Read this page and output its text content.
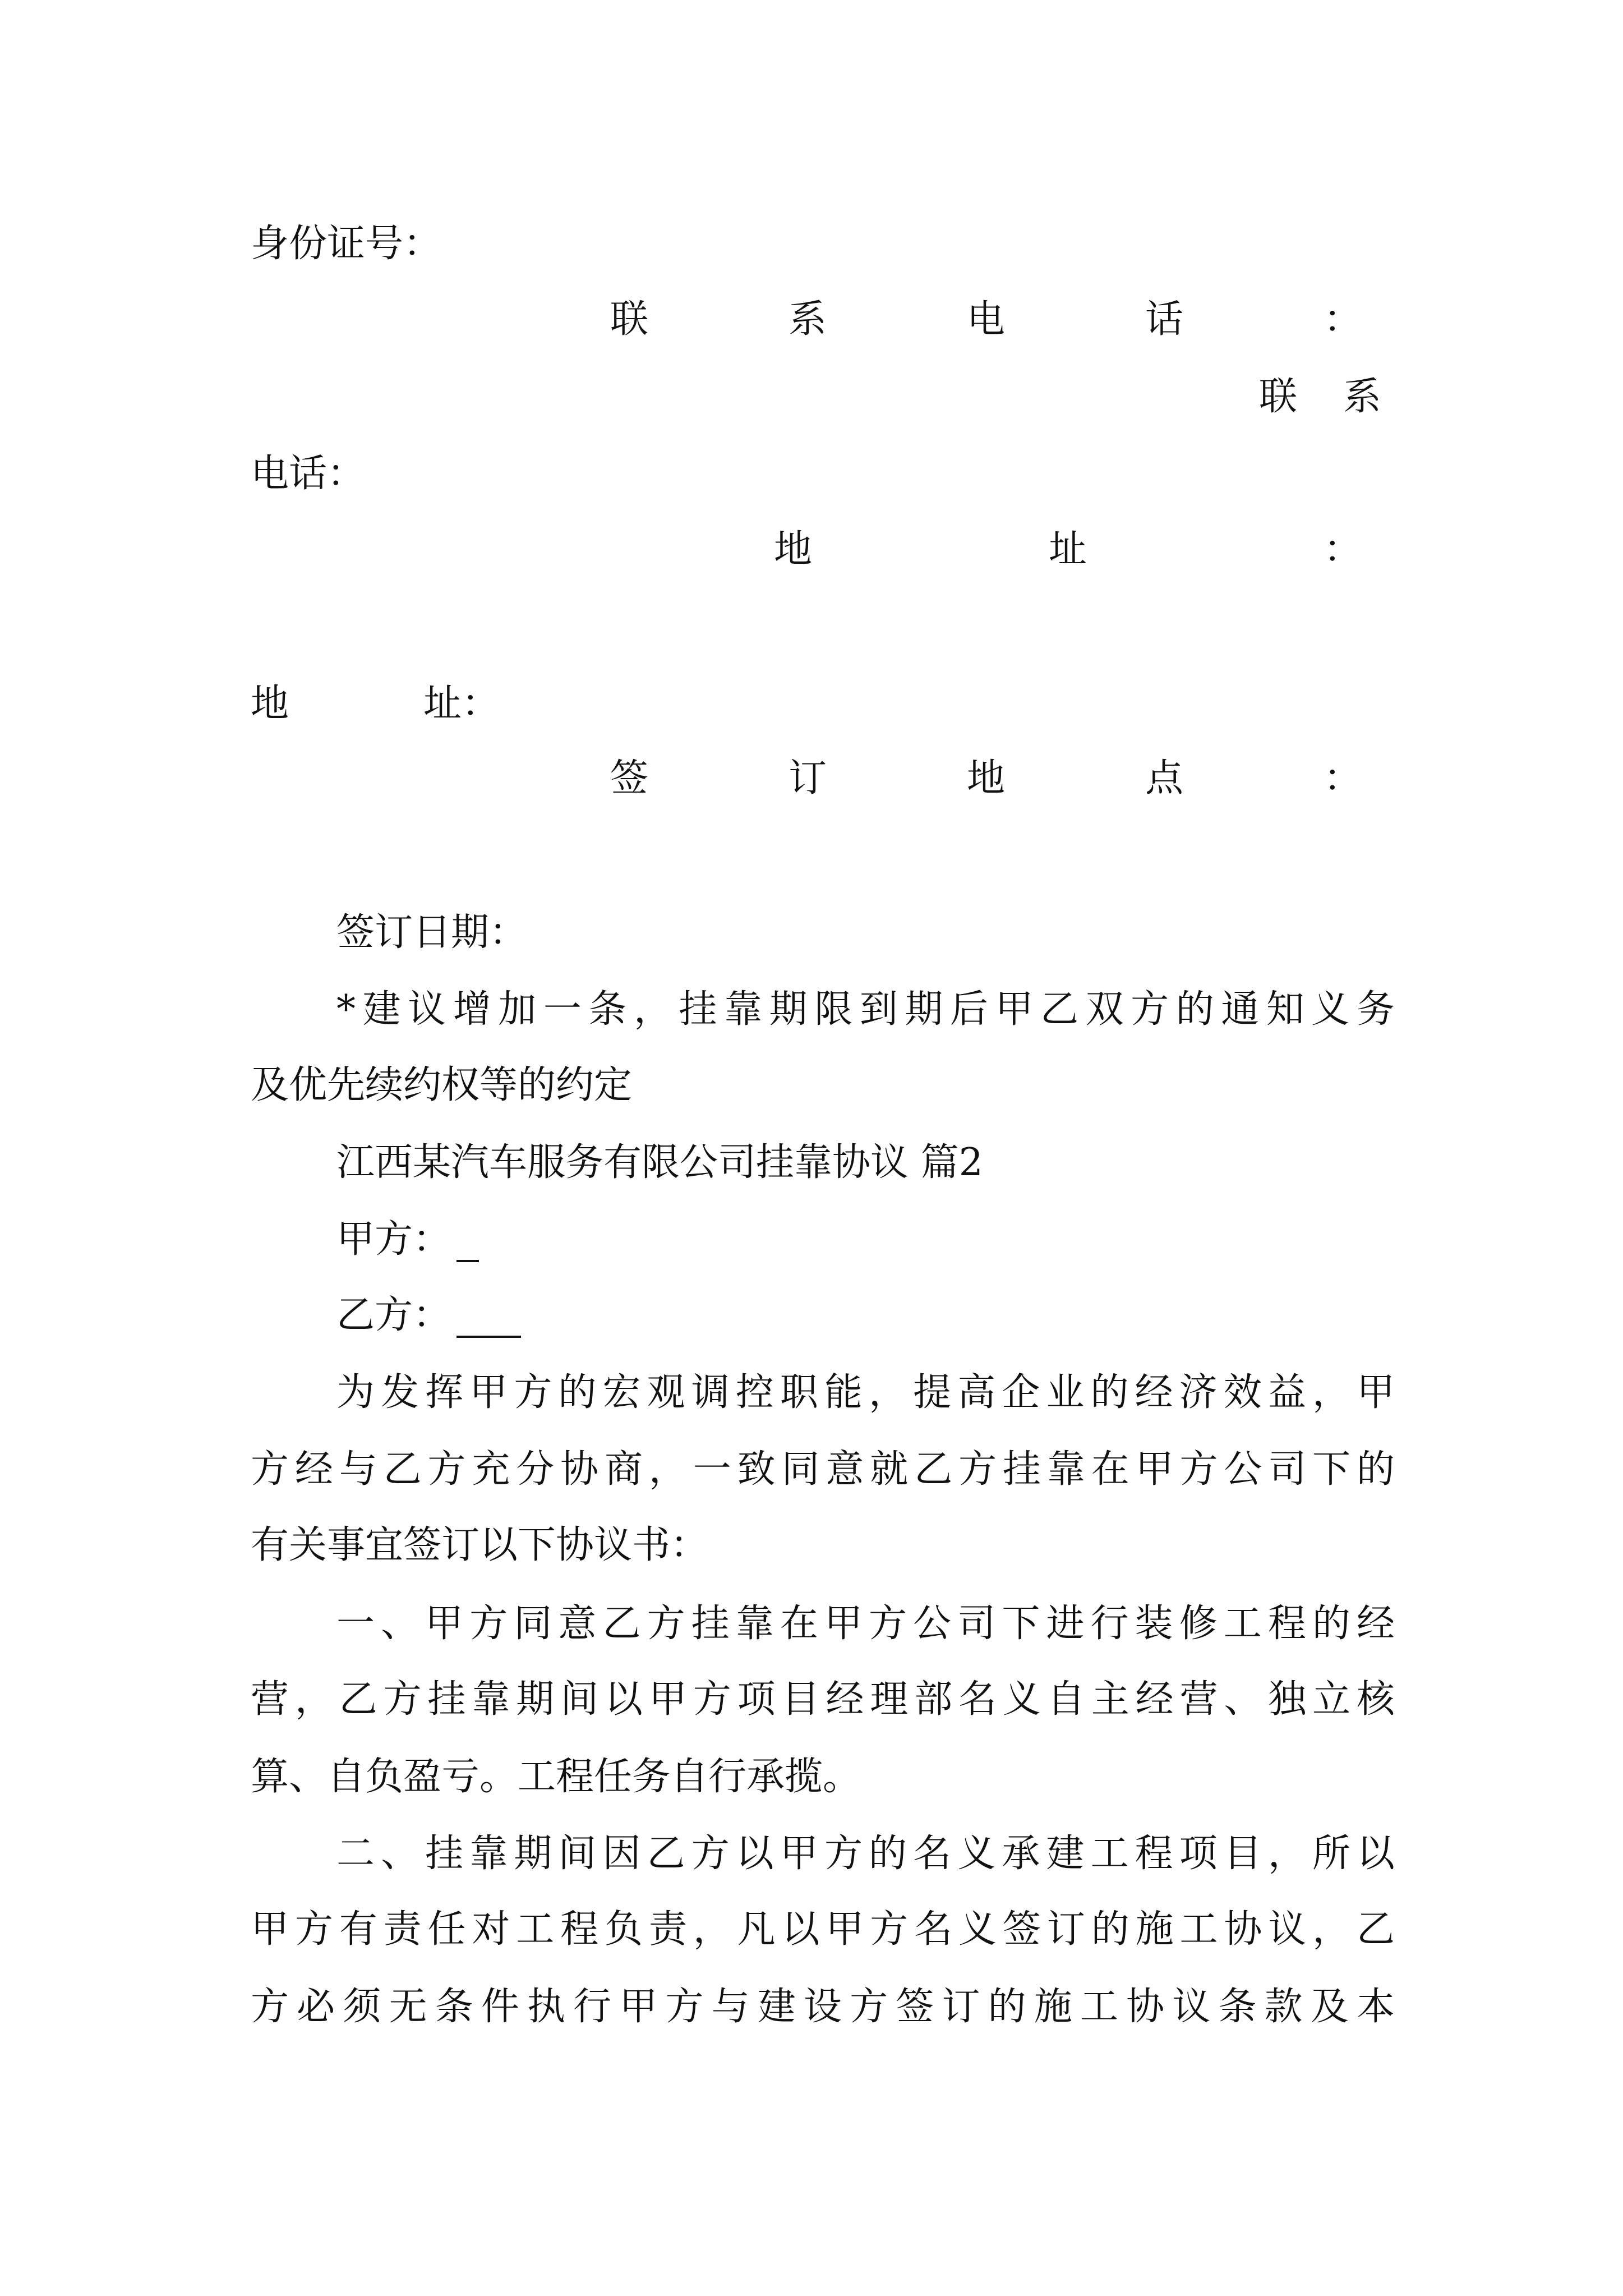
身份证号：
联	系	电	话	：
联 系
电话：
地	址	：
地	址：
签	订	地	点	：
签订日期：
*建议增加一条，挂靠期限到期后甲乙双方的通知义务
及优先续约权等的约定
江西某汽车服务有限公司挂靠协议 篇2
甲方：
乙方：
为发挥甲方的宏观调控职能，提高企业的经济效益，甲
方经与乙方充分协商，一致同意就乙方挂靠在甲方公司下的
有关事宜签订以下协议书：
一、甲方同意乙方挂靠在甲方公司下进行装修工程的经
营，乙方挂靠期间以甲方项目经理部名义自主经营、独立核
算、自负盈亏。工程任务自行承揽。
二、挂靠期间因乙方以甲方的名义承建工程项目，所以
甲方有责任对工程负责，凡以甲方名义签订的施工协议，乙
方必须无条件执行甲方与建设方签订的施工协议条款及本
